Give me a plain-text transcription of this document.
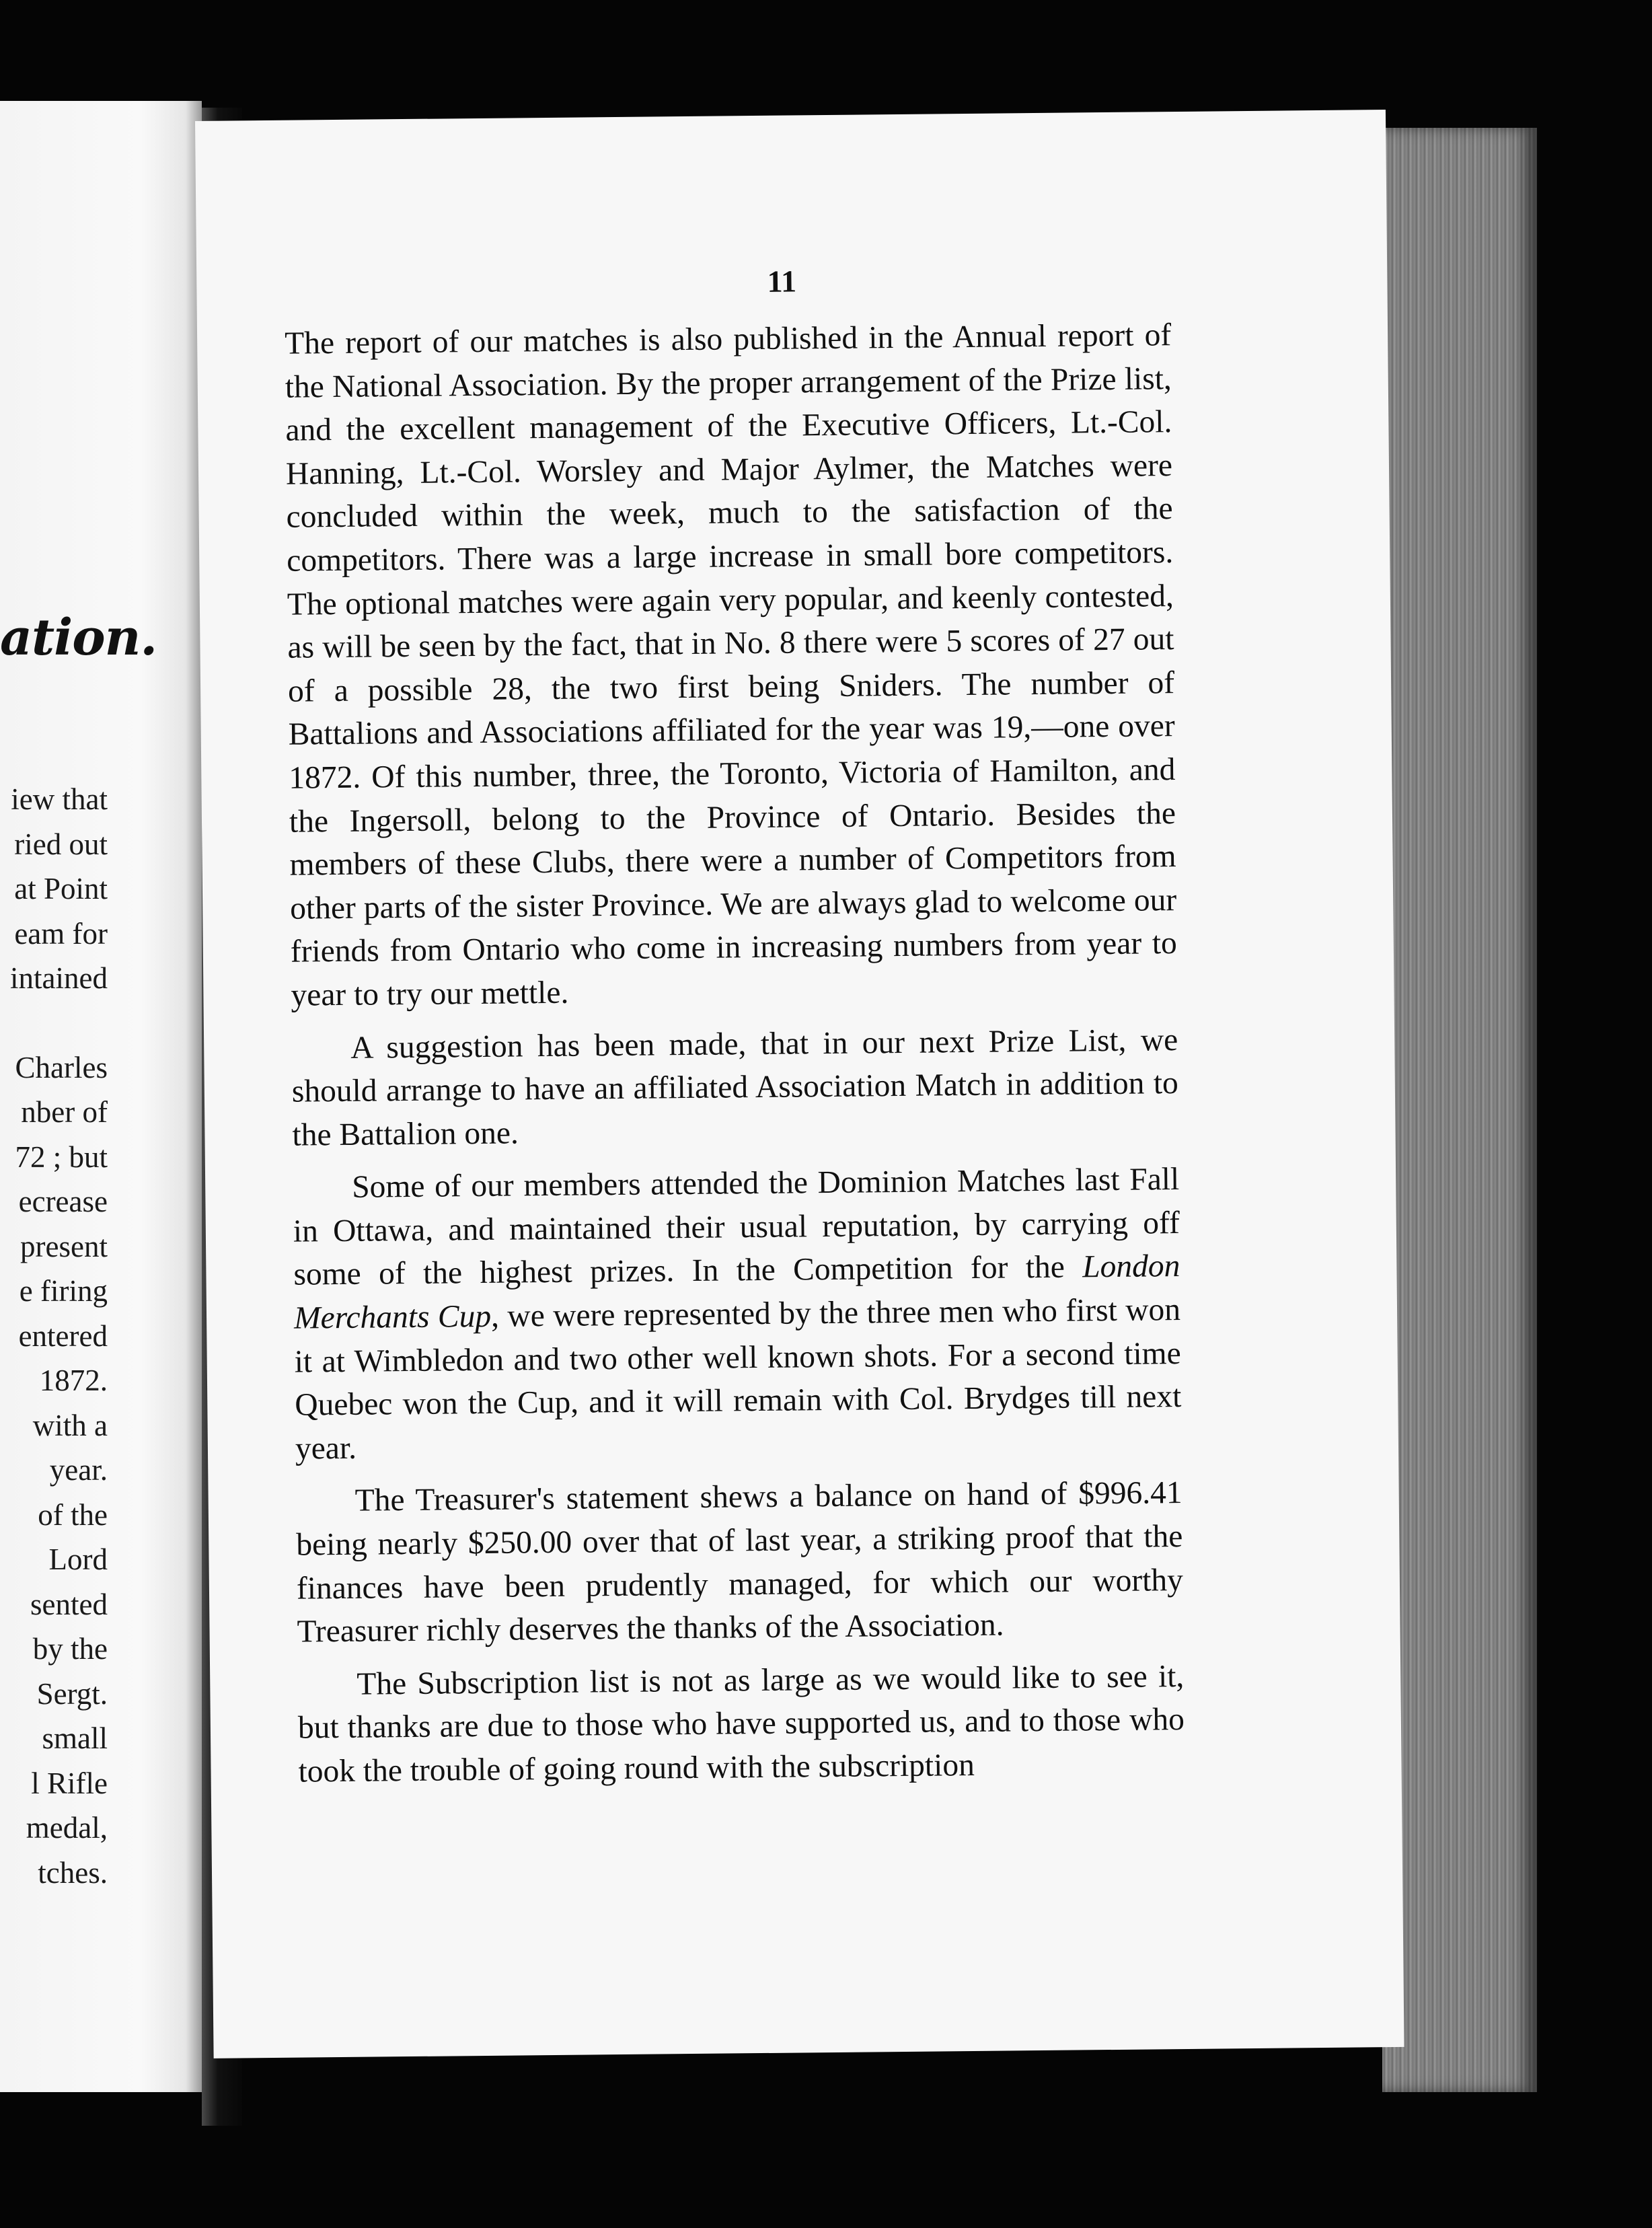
ation.
iew that
ried out
at Point
eam for
intained
Charles
nber of
72 ; but
ecrease
present
e firing
entered
1872.
with a
year.
of the
Lord
sented
by the
Sergt.
small
l Rifle
medal,
tches.
11

The report of our matches is also published in the Annual report of the National Association. By the proper arrangement of the Prize list, and the excellent management of the Executive Officers, Lt.-Col. Hanning, Lt.-Col. Worsley and Major Aylmer, the Matches were concluded within the week, much to the satisfaction of the competitors. There was a large increase in small bore competitors. The optional matches were again very popular, and keenly contested, as will be seen by the fact, that in No. 8 there were 5 scores of 27 out of a possible 28, the two first being Sniders. The number of Battalions and Associations affiliated for the year was 19,—one over 1872. Of this number, three, the Toronto, Victoria of Hamilton, and the Ingersoll, belong to the Province of Ontario. Besides the members of these Clubs, there were a number of Competitors from other parts of the sister Province. We are always glad to welcome our friends from Ontario who come in increasing numbers from year to year to try our mettle.

A suggestion has been made, that in our next Prize List, we should arrange to have an affiliated Association Match in addition to the Battalion one.

Some of our members attended the Dominion Matches last Fall in Ottawa, and maintained their usual reputation, by carrying off some of the highest prizes. In the Competition for the London Merchants Cup, we were represented by the three men who first won it at Wimbledon and two other well known shots. For a second time Quebec won the Cup, and it will remain with Col. Brydges till next year.

The Treasurer's statement shews a balance on hand of $996.41 being nearly $250.00 over that of last year, a striking proof that the finances have been prudently managed, for which our worthy Treasurer richly deserves the thanks of the Association.

The Subscription list is not as large as we would like to see it, but thanks are due to those who have supported us, and to those who took the trouble of going round with the subscription
